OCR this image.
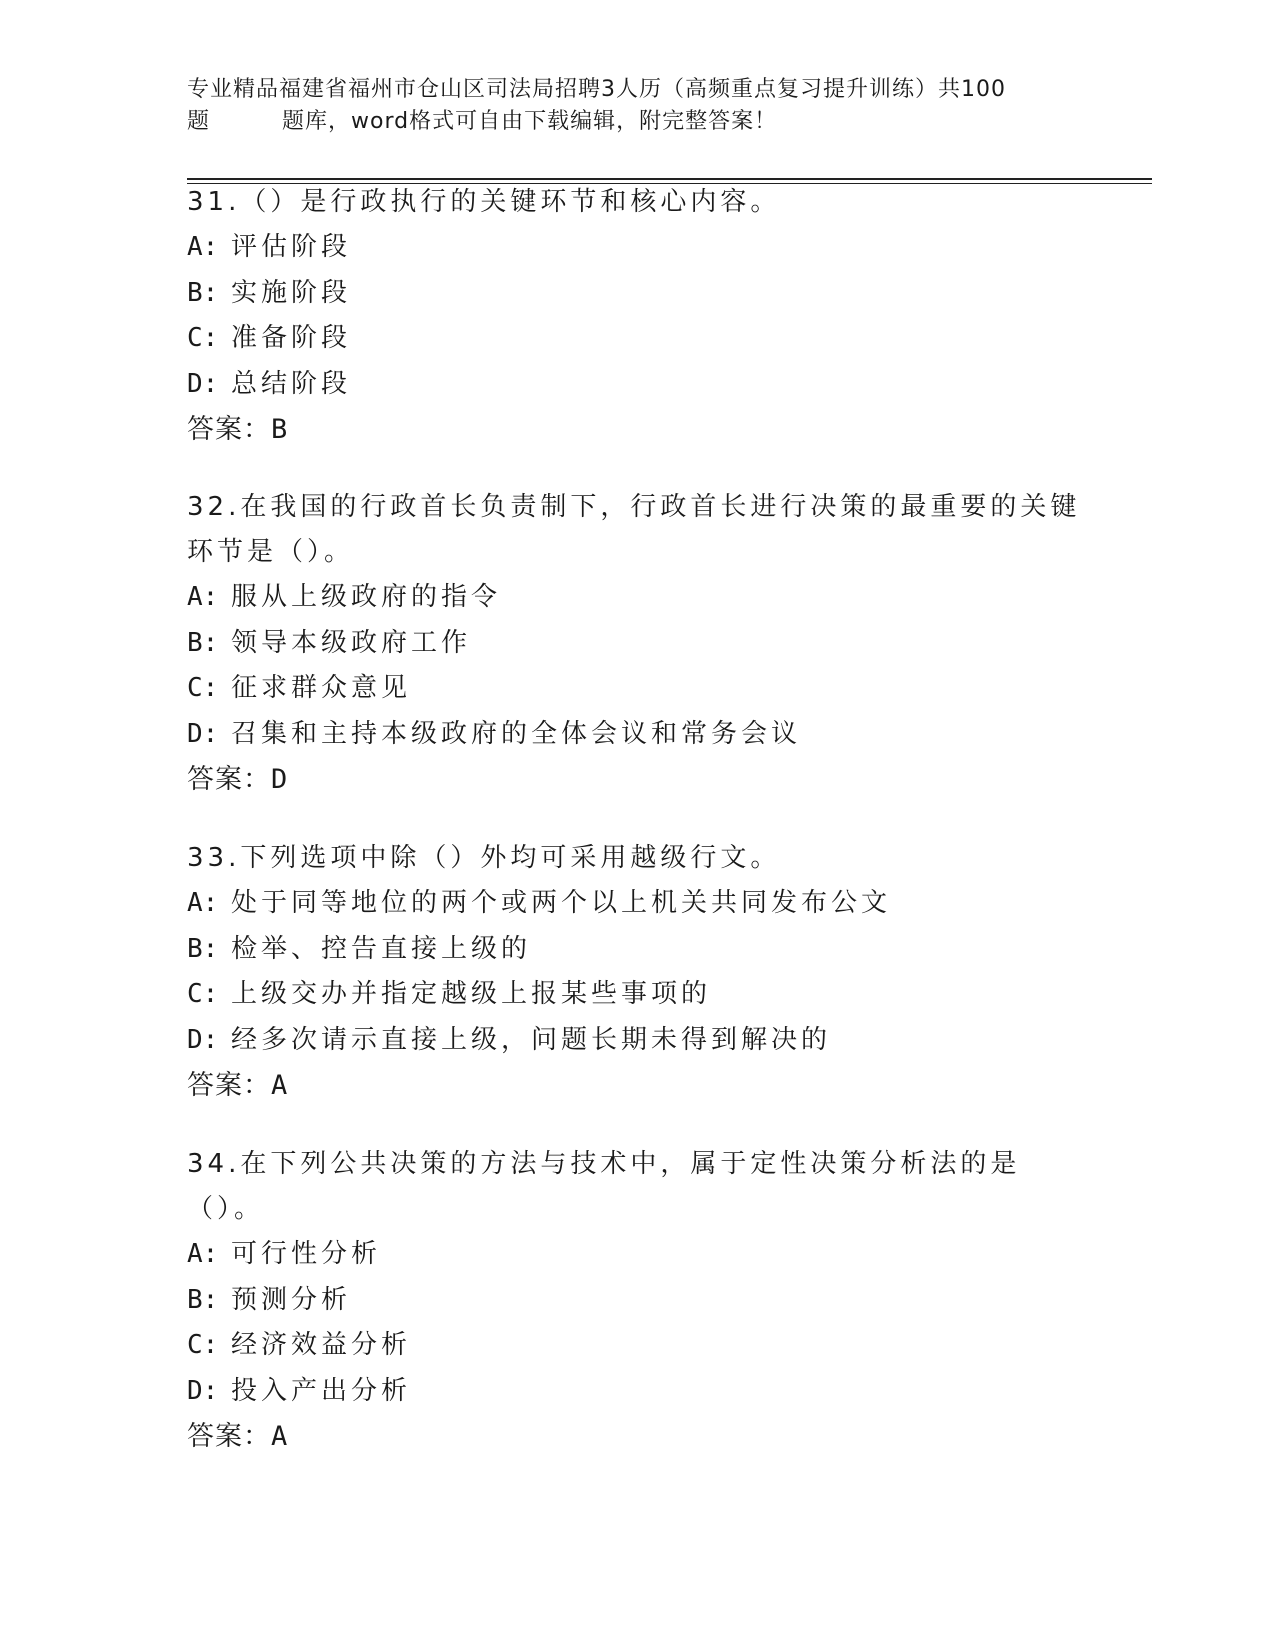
专业精品福建省福州市仓山区司法局招聘3人历（高频重点复习提升训练）共100
题	题库，word格式可自由下载编辑，附完整答案！

31.（）是行政执行的关键环节和核心内容。

A: 评估阶段

B: 实施阶段

C: 准备阶段

D: 总结阶段

答案：B

32.在我国的行政首长负责制下，行政首长进行决策的最重要的关键环节是（）。

A: 服从上级政府的指令

B: 领导本级政府工作

C: 征求群众意见

D: 召集和主持本级政府的全体会议和常务会议

答案：D

33.下列选项中除（）外均可采用越级行文。

A: 处于同等地位的两个或两个以上机关共同发布公文

B: 检举、控告直接上级的

C: 上级交办并指定越级上报某些事项的

D: 经多次请示直接上级，问题长期未得到解决的

答案：A

34.在下列公共决策的方法与技术中，属于定性决策分析法的是（）。

A: 可行性分析

B: 预测分析

C: 经济效益分析

D: 投入产出分析

答案：A
